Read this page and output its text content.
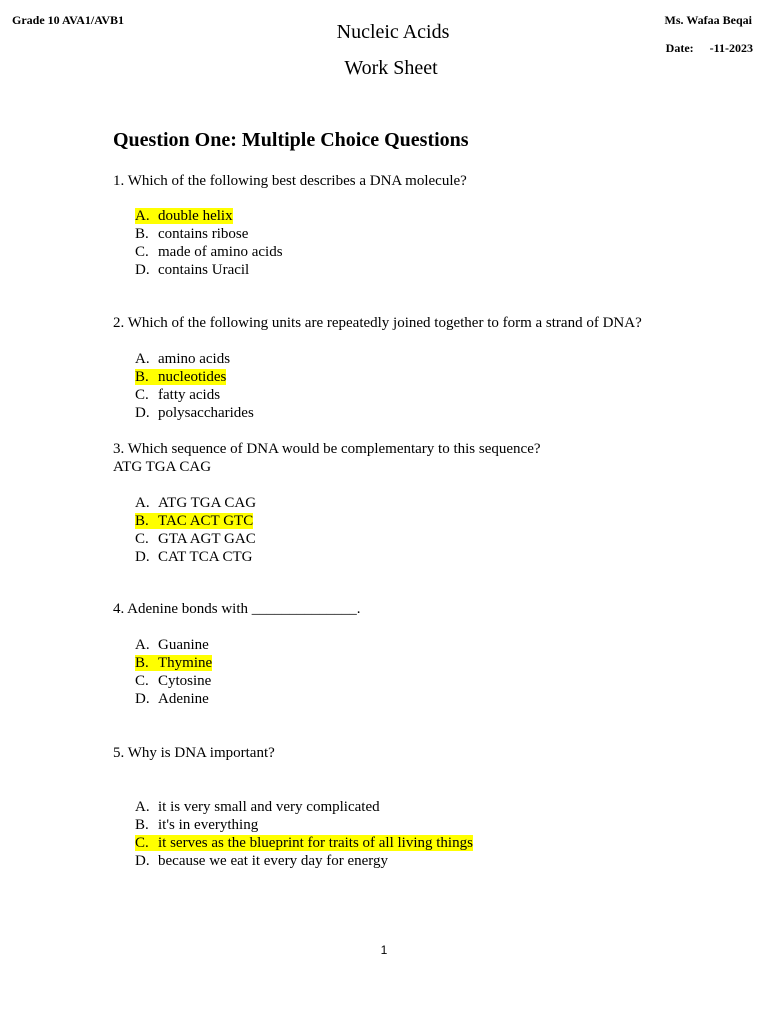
Grade 10 AVA1/AVB1	Ms. Wafaa Beqai
Date: -11-2023
Nucleic Acids
Work Sheet
Question One: Multiple Choice Questions
1. Which of the following best describes a DNA molecule?
A. double helix
B. contains ribose
C. made of amino acids
D. contains Uracil
2. Which of the following units are repeatedly joined together to form a strand of DNA?
A. amino acids
B. nucleotides
C. fatty acids
D. polysaccharides
3. Which sequence of DNA would be complementary to this sequence?
ATG TGA CAG
A. ATG TGA CAG
B. TAC ACT GTC
C. GTA AGT GAC
D. CAT TCA CTG
4. Adenine bonds with ______________.
A. Guanine
B. Thymine
C. Cytosine
D. Adenine
5. Why is DNA important?
A. it is very small and very complicated
B. it's in everything
C. it serves as the blueprint for traits of all living things
D. because we eat it every day for energy
1
